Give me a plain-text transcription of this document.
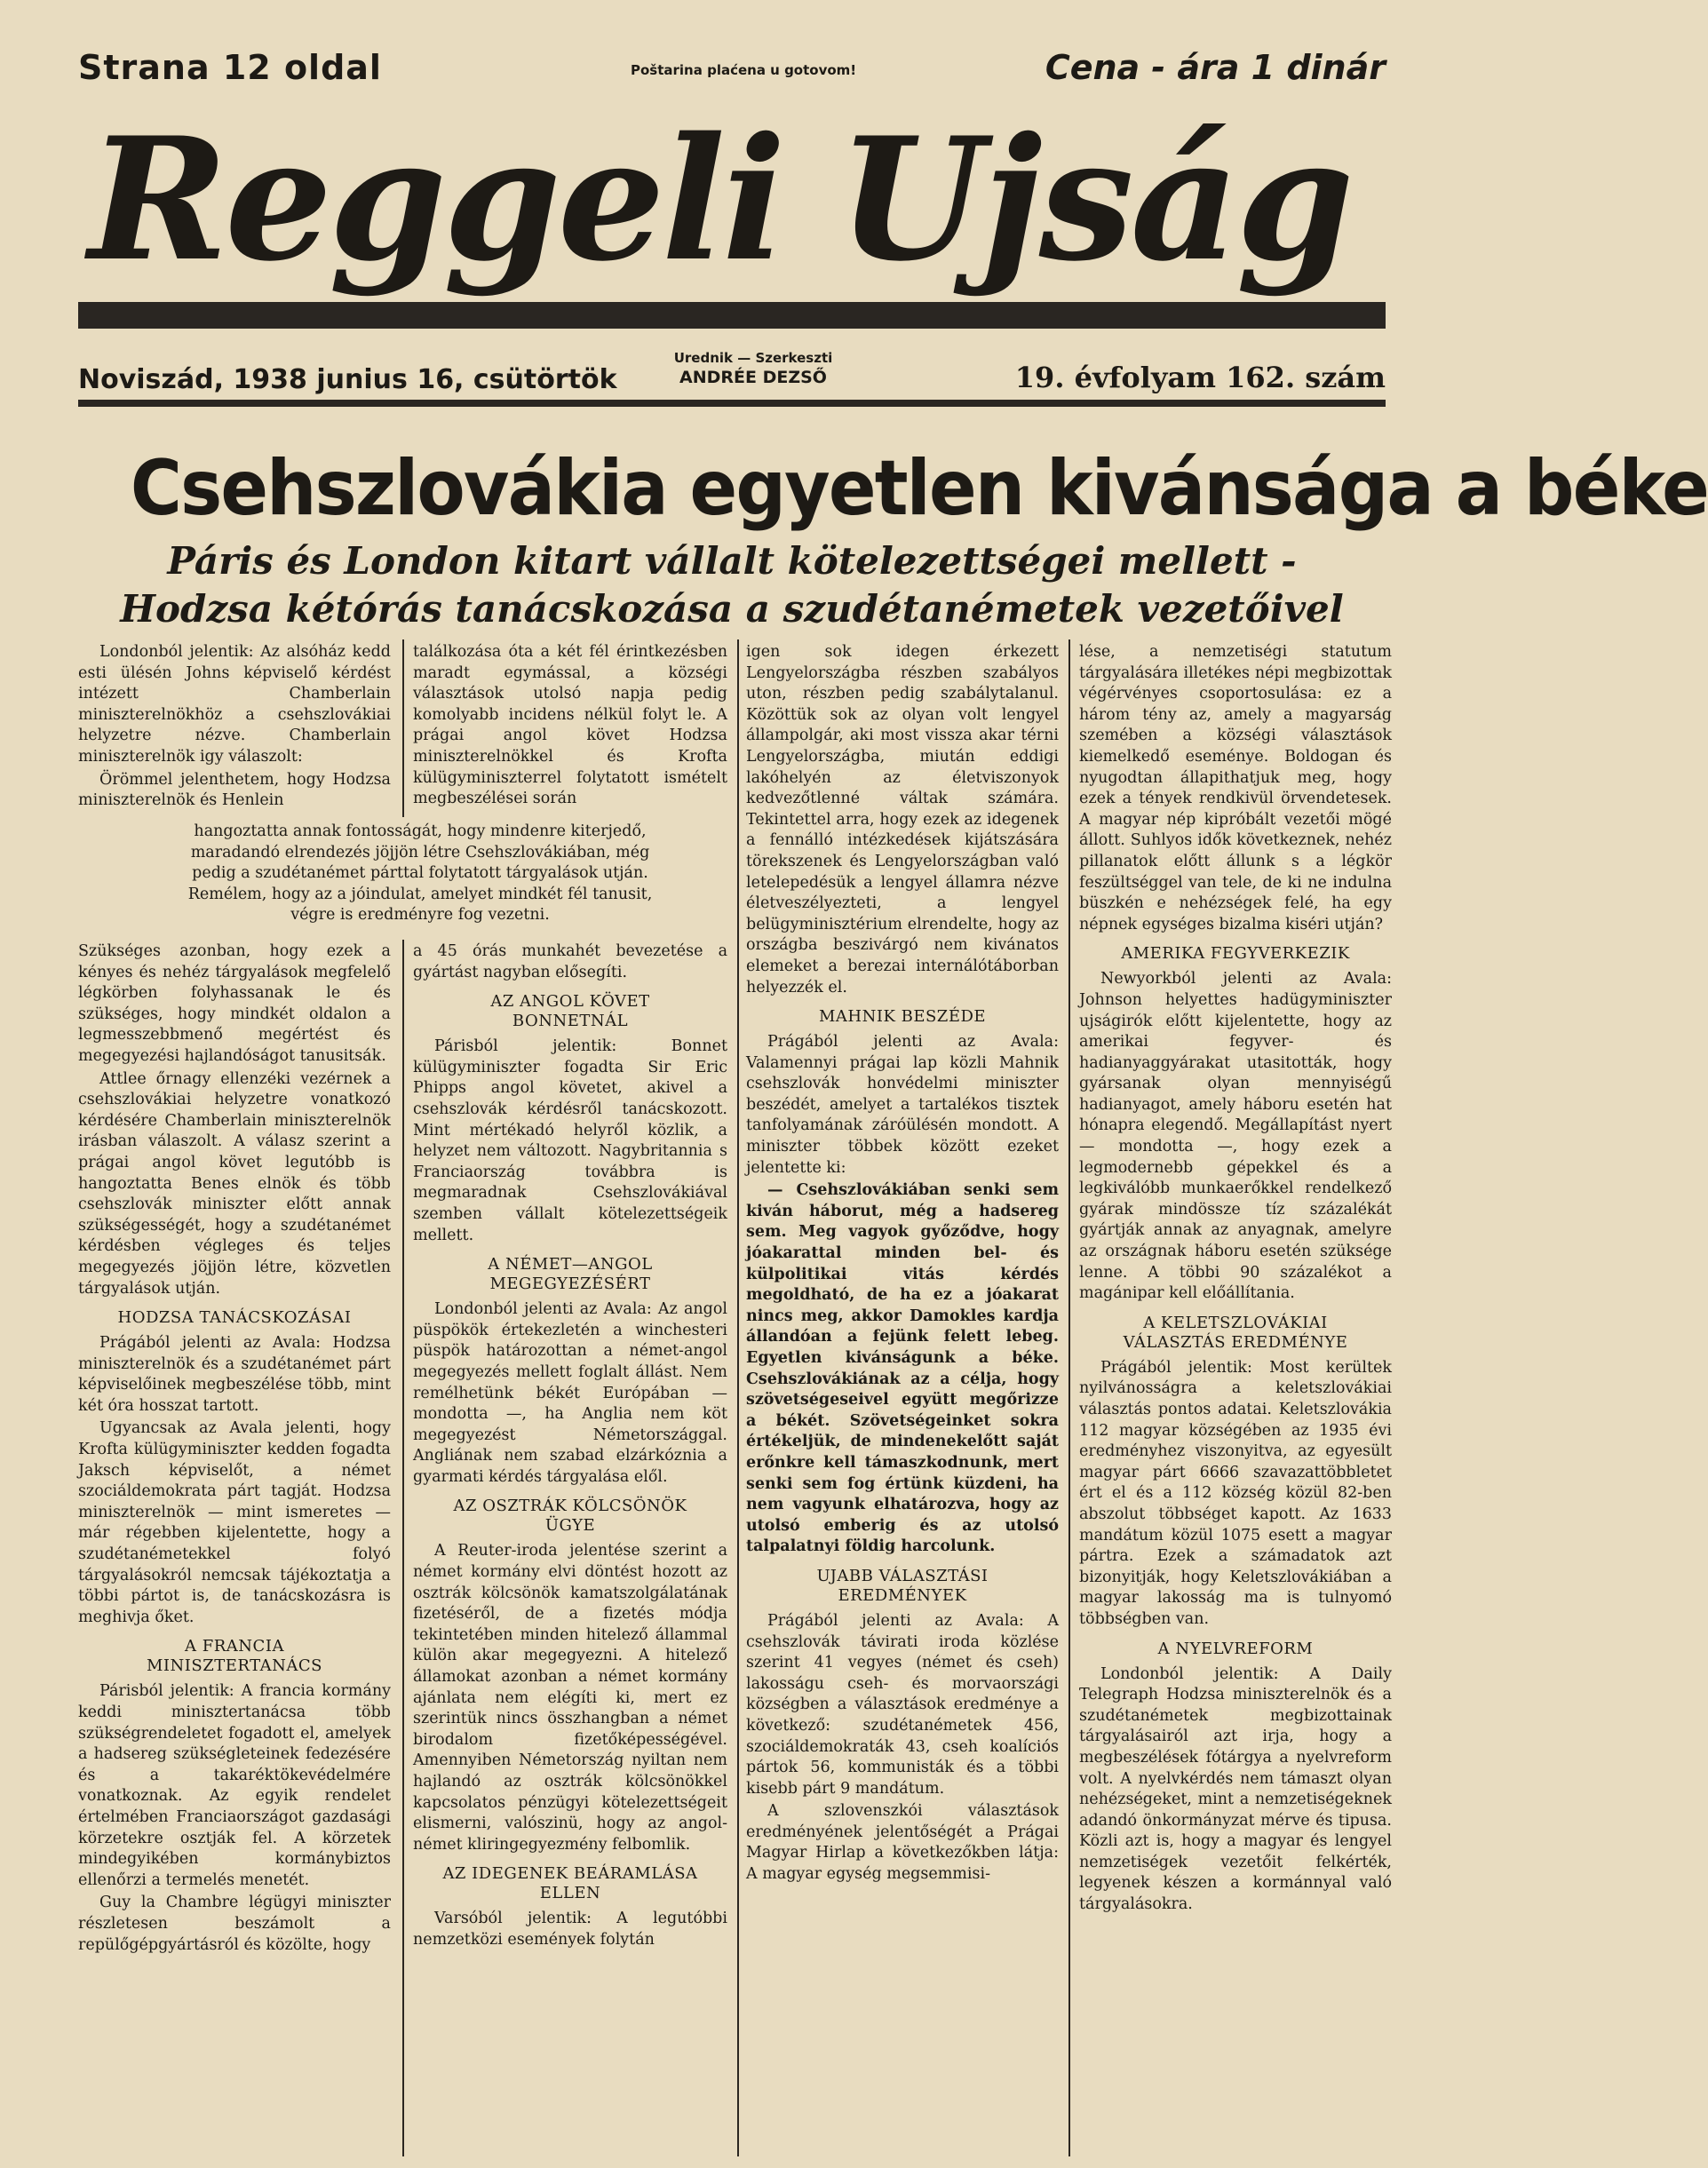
Strana 12 oldal	Poštarina plaćena u gotovom!	Cena - ára 1 dinár
Reggeli Ujság
Noviszád, 1938 junius 16, csütörtök
Urednik — Szerkeszti
ANDRÉE DEZSŐ	19. évfolyam 162. szám
Csehszlovákia egyetlen kivánsága a béke
Páris és London kitart vállalt kötelezettségei mellett -
Hodzsa kétórás tanácskozása a szudétanémetek vezetőivel

Londonból jelentik: Az alsóház kedd esti ülésén Johns képviselő kérdést intézett Chamberlain miniszterelnökhöz a csehszlovákiai helyzetre nézve. Chamberlain miniszterelnök igy válaszolt:

Örömmel jelenthetem, hogy Hodzsa miniszterelnök és Henlein

találkozása óta a két fél érintkezésben maradt egymással, a községi választások utolsó napja pedig komolyabb incidens nélkül folyt le. A prágai angol követ Hodzsa miniszterelnökkel és Krofta külügyminiszterrel folytatott ismételt megbeszélései során

hangoztatta annak fontosságát, hogy mindenre kiterjedő,

maradandó elrendezés jöjjön létre Csehszlovákiában, még

pedig a szudétanémet párttal folytatott tárgyalások utján.

Remélem, hogy az a jóindulat, amelyet mindkét fél tanusit,

végre is eredményre fog vezetni.

Szükséges azonban, hogy ezek a kényes és nehéz tárgyalások megfelelő légkörben folyhassanak le és szükséges, hogy mindkét oldalon a legmesszebbmenő megértést és megegyezési hajlandóságot tanusitsák.

Attlee őrnagy ellenzéki vezérnek a csehszlovákiai helyzetre vonatkozó kérdésére Chamberlain miniszterelnök irásban válaszolt. A válasz szerint a prágai angol követ legutóbb is hangoztatta Benes elnök és több csehszlovák miniszter előtt annak szükségességét, hogy a szudétanémet kérdésben végleges és teljes megegyezés jöjjön létre, közvetlen tárgyalások utján.

HODZSA TANÁCSKOZÁSAI

Prágából jelenti az Avala: Hodzsa miniszterelnök és a szudétanémet párt képviselőinek megbeszélése több, mint két óra hosszat tartott.

Ugyancsak az Avala jelenti, hogy Krofta külügyminiszter kedden fogadta Jaksch képviselőt, a német szociáldemokrata párt tagját. Hodzsa miniszterelnök — mint ismeretes — már régebben kijelentette, hogy a szudétanémetekkel folyó tárgyalásokról nemcsak tájékoztatja a többi pártot is, de tanácskozásra is meghivja őket.

A FRANCIA
MINISZTERTANÁCS

Párisból jelentik: A francia kormány keddi minisztertanácsa több szükségrendeletet fogadott el, amelyek a hadsereg szükségleteinek fedezésére és a takaréktökevédelmére vonatkoznak. Az egyik rendelet értelmében Franciaországot gazdasági körzetekre osztják fel. A körzetek mindegyikében kormánybiztos ellenőrzi a termelés menetét.

Guy la Chambre légügyi miniszter részletesen beszámolt a repülőgépgyártásról és közölte, hogy

a 45 órás munkahét bevezetése a gyártást nagyban elősegíti.

AZ ANGOL KÖVET
BONNETNÁL

Párisból jelentik: Bonnet külügyminiszter fogadta Sir Eric Phipps angol követet, akivel a csehszlovák kérdésről tanácskozott. Mint mértékadó helyről közlik, a helyzet nem változott. Nagybritannia s Franciaország továbbra is megmaradnak Csehszlovákiával szemben vállalt kötelezettségeik mellett.

A NÉMET—ANGOL
MEGEGYEZÉSÉRT

Londonból jelenti az Avala: Az angol püspökök értekezletén a winchesteri püspök határozottan a német-angol megegyezés mellett foglalt állást. Nem remélhetünk békét Európában — mondotta —, ha Anglia nem köt megegyezést Németországgal. Angliának nem szabad elzárkóznia a gyarmati kérdés tárgyalása elől.

AZ OSZTRÁK KÖLCSÖNÖK
ÜGYE

A Reuter-iroda jelentése szerint a német kormány elvi döntést hozott az osztrák kölcsönök kamatszolgálatának fizetéséről, de a fizetés módja tekintetében minden hitelező állammal külön akar megegyezni. A hitelező államokat azonban a német kormány ajánlata nem elégíti ki, mert ez szerintük nincs összhangban a német birodalom fizetőképességével. Amennyiben Németország nyiltan nem hajlandó az osztrák kölcsönökkel kapcsolatos pénzügyi kötelezettségeit elismerni, valószinü, hogy az angol-német kliringegyezmény felbomlik.

AZ IDEGENEK BEÁRAMLÁSA
ELLEN

Varsóból jelentik: A legutóbbi nemzetközi események folytán

igen sok idegen érkezett Lengyelországba részben szabályos uton, részben pedig szabálytalanul. Közöttük sok az olyan volt lengyel állampolgár, aki most vissza akar térni Lengyelországba, miután eddigi lakóhelyén az életviszonyok kedvezőtlenné váltak számára. Tekintettel arra, hogy ezek az idegenek a fennálló intézkedések kijátszására törekszenek és Lengyelországban való letelepedésük a lengyel államra nézve életveszélyezteti, a lengyel belügyminisztérium elrendelte, hogy az országba beszivárgó nem kivánatos elemeket a berezai internálótáborban helyezzék el.

MAHNIK BESZÉDE

Prágából jelenti az Avala: Valamennyi prágai lap közli Mahnik csehszlovák honvédelmi miniszter beszédét, amelyet a tartalékos tisztek tanfolyamának záróülésén mondott. A miniszter többek között ezeket jelentette ki:

— Csehszlovákiában senki sem kiván háborut, még a hadsereg sem. Meg vagyok győződve, hogy jóakarattal minden bel- és külpolitikai vitás kérdés megoldható, de ha ez a jóakarat nincs meg, akkor Damokles kardja állandóan a fejünk felett lebeg. Egyetlen kivánságunk a béke. Csehszlovákiának az a célja, hogy szövetségeseivel együtt megőrizze a békét. Szövetségeinket sokra értékeljük, de mindenekelőtt saját erőnkre kell támaszkodnunk, mert senki sem fog értünk küzdeni, ha nem vagyunk elhatározva, hogy az utolsó emberig és az utolsó talpalatnyi földig harcolunk.

UJABB VÁLASZTÁSI
EREDMÉNYEK

Prágából jelenti az Avala: A csehszlovák távirati iroda közlése szerint 41 vegyes (német és cseh) lakosságu cseh- és morvaországi községben a választások eredménye a következő: szudétanémetek 456, szociáldemokraták 43, cseh koalíciós pártok 56, kommunisták és a többi kisebb párt 9 mandátum.

A szlovenszkói választások eredményének jelentőségét a Prágai Magyar Hirlap a következőkben látja: A magyar egység megsemmisi-

lése, a nemzetiségi statutum tárgyalására illetékes népi megbizottak végérvényes csoportosulása: ez a három tény az, amely a magyarság szemében a községi választások kiemelkedő eseménye. Boldogan és nyugodtan állapithatjuk meg, hogy ezek a tények rendkivül örvendetesek. A magyar nép kipróbált vezetői mögé állott. Suhlyos idők következnek, nehéz pillanatok előtt állunk s a légkör feszültséggel van tele, de ki ne indulna büszkén e nehézségek felé, ha egy népnek egységes bizalma kiséri utján?

AMERIKA FEGYVERKEZIK

Newyorkból jelenti az Avala: Johnson helyettes hadügyminiszter ujságirók előtt kijelentette, hogy az amerikai fegyver- és hadianyaggyárakat utasitották, hogy gyársanak olyan mennyiségű hadianyagot, amely háboru esetén hat hónapra elegendő. Megállapítást nyert — mondotta —, hogy ezek a legmodernebb gépekkel és a legkiválóbb munkaerőkkel rendelkező gyárak mindössze tíz százalékát gyártják annak az anyagnak, amelyre az országnak háboru esetén szüksége lenne. A többi 90 százalékot a magánipar kell előállítania.

A KELETSZLOVÁKIAI
VÁLASZTÁS EREDMÉNYE

Prágából jelentik: Most kerültek nyilvánosságra a keletszlovákiai választás pontos adatai. Keletszlovákia 112 magyar községében az 1935 évi eredményhez viszonyitva, az egyesült magyar párt 6666 szavazattöbbletet ért el és a 112 község közül 82-ben abszolut többséget kapott. Az 1633 mandátum közül 1075 esett a magyar pártra. Ezek a számadatok azt bizonyitják, hogy Keletszlovákiában a magyar lakosság ma is tulnyomó többségben van.

A NYELVREFORM

Londonból jelentik: A Daily Telegraph Hodzsa miniszterelnök és a szudétanémetek megbizottainak tárgyalásairól azt irja, hogy a megbeszélések fótárgya a nyelvreform volt. A nyelvkérdés nem támaszt olyan nehézségeket, mint a nemzetiségeknek adandó önkormányzat mérve és tipusa. Közli azt is, hogy a magyar és lengyel nemzetiségek vezetőit felkérték, legyenek készen a kormánnyal való tárgyalásokra.
